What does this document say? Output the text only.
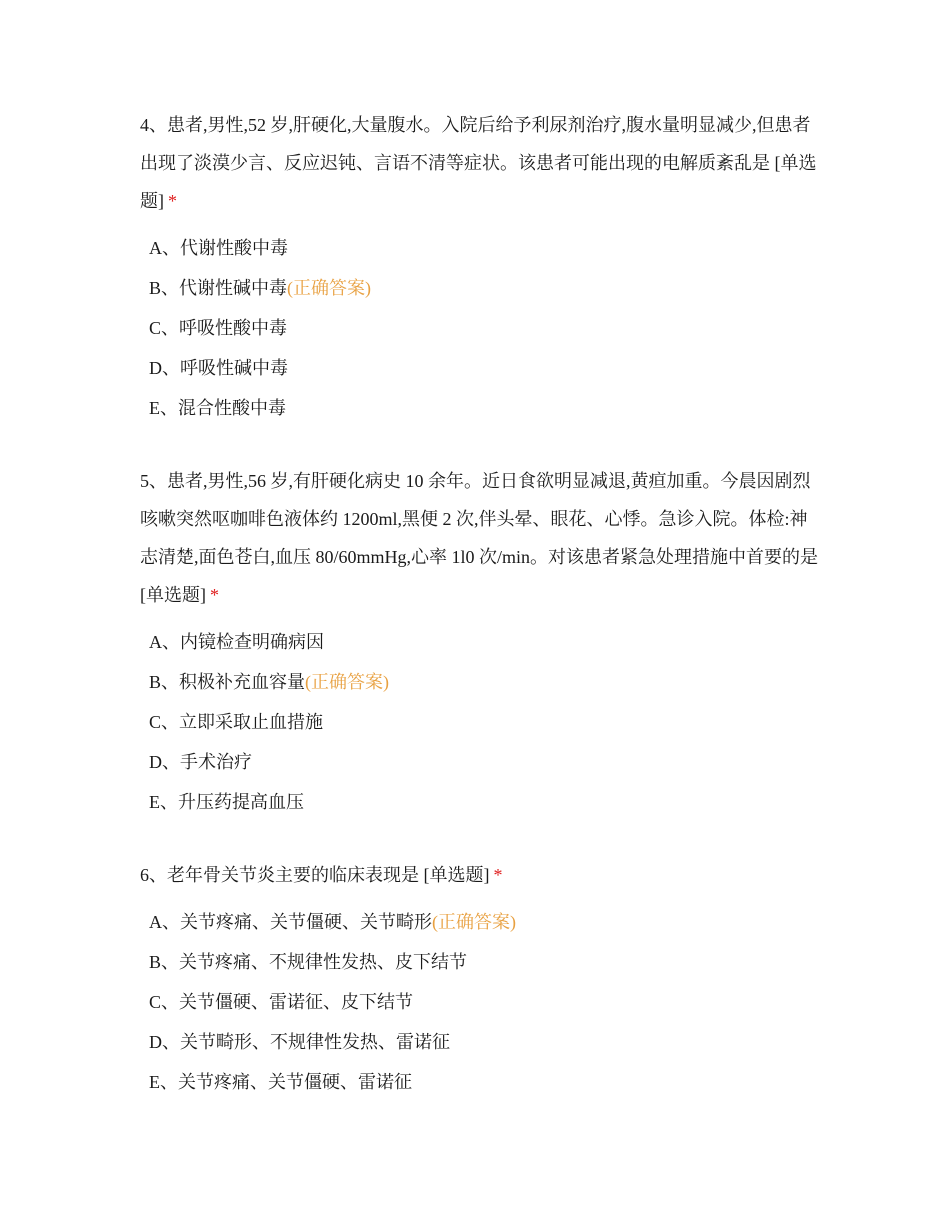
4、患者,男性,52 岁,肝硬化,大量腹水。入院后给予利尿剂治疗,腹水量明显减少,但患者出现了淡漠少言、反应迟钝、言语不清等症状。该患者可能出现的电解质紊乱是 [单选题] *

A、 代谢性酸中毒
B、 代谢性碱中毒 (正确答案)
C、 呼吸性酸中毒
D、 呼吸性碱中毒
E、 混合性酸中毒

5、患者,男性,56 岁,有肝硬化病史 10 余年。近日食欲明显减退,黄疸加重。今晨因剧烈咳嗽突然呕咖啡色液体约 1200ml,黑便 2 次,伴头晕、眼花、心悸。急诊入院。体检:神志清楚,面色苍白,血压 80/60mmHg,心率 1l0 次/min。对该患者紧急处理措施中首要的是 [单选题] *

A、 内镜检查明确病因
B、 积极补充血容量 (正确答案)
C、 立即采取止血措施
D、 手术治疗
E、 升压药提高血压

6、老年骨关节炎主要的临床表现是 [单选题] *

A、 关节疼痛、关节僵硬、关节畸形 (正确答案)
B、 关节疼痛、不规律性发热、皮下结节
C、 关节僵硬、雷诺征、皮下结节
D、 关节畸形、不规律性发热、雷诺征
E、 关节疼痛、关节僵硬、雷诺征
